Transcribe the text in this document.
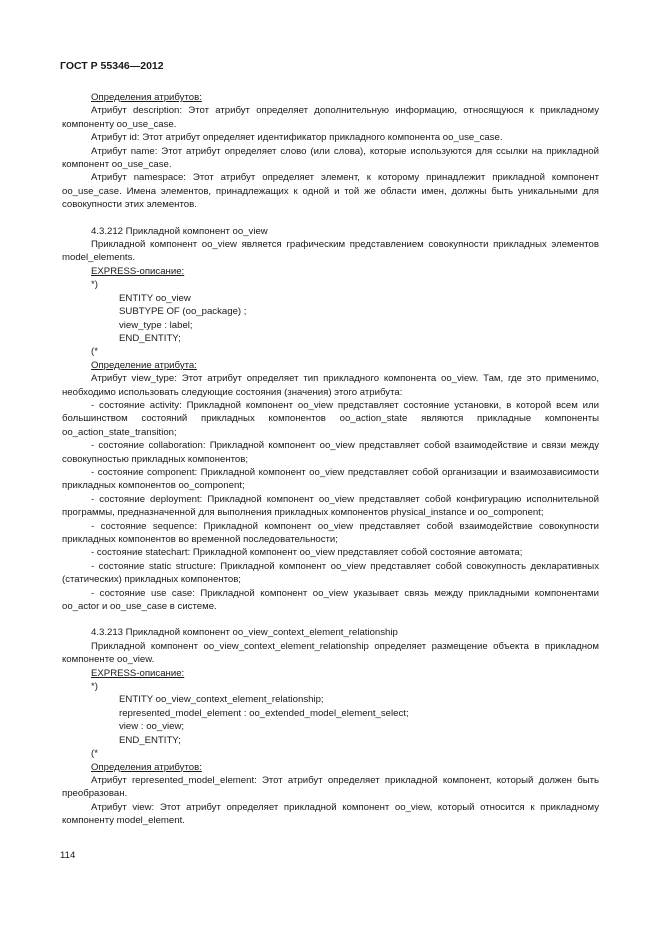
ГОСТ Р 55346—2012

Определения атрибутов:

Атрибут description: Этот атрибут определяет дополнительную информацию, относящуюся к прикладному компоненту oo_use_case.

Атрибут id: Этот атрибут определяет идентификатор прикладного компонента oo_use_case.

Атрибут name: Этот атрибут определяет слово (или слова), которые используются для ссылки на прикладной компонент oo_use_case.

Атрибут namespace: Этот атрибут определяет элемент, к которому принадлежит прикладной компонент oo_use_case. Имена элементов, принадлежащих к одной и той же области имен, должны быть уникальными для совокупности этих элементов.

4.3.212 Прикладной компонент oo_view

Прикладной компонент oo_view является графическим представлением совокупности прикладных элементов model_elements.

EXPRESS-описание:

*)

ENTITY oo_view

SUBTYPE OF (oo_package) ;

view_type : label;

END_ENTITY;

(*

Определение атрибута:

Атрибут view_type: Этот атрибут определяет тип прикладного компонента oo_view. Там, где это применимо, необходимо использовать следующие состояния (значения) этого атрибута:

- состояние activity: Прикладной компонент oo_view представляет состояние установки, в которой всем или большинством состояний прикладных компонентов oo_action_state являются прикладные компоненты oo_action_state_transition;

- состояние collaboration: Прикладной компонент oo_view представляет собой взаимодействие и связи между совокупностью прикладных компонентов;

- состояние component: Прикладной компонент oo_view представляет собой организации и взаимозависимости прикладных компонентов oo_component;

- состояние deployment: Прикладной компонент oo_view представляет собой конфигурацию исполнительной программы, предназначенной для выполнения прикладных компонентов physical_instance и oo_component;

- состояние sequence: Прикладной компонент oo_view представляет собой взаимодействие совокупности прикладных компонентов во временной последовательности;

- состояние statechart: Прикладной компонент oo_view представляет собой состояние автомата;

- состояние static structure: Прикладной компонент oo_view представляет собой совокупность декларативных (статических) прикладных компонентов;

- состояние use case: Прикладной компонент oo_view указывает связь между прикладными компонентами oo_actor и oo_use_case в системе.

4.3.213 Прикладной компонент oo_view_context_element_relationship

Прикладной компонент oo_view_context_element_relationship определяет размещение объекта в прикладном компоненте oo_view.

EXPRESS-описание:

*)

ENTITY oo_view_context_element_relationship;

represented_model_element : oo_extended_model_element_select;

view : oo_view;

END_ENTITY;

(*

Определения атрибутов:

Атрибут represented_model_element: Этот атрибут определяет прикладной компонент, который должен быть преобразован.

Атрибут view: Этот атрибут определяет прикладной компонент oo_view, который относится к прикладному компоненту model_element.

114
